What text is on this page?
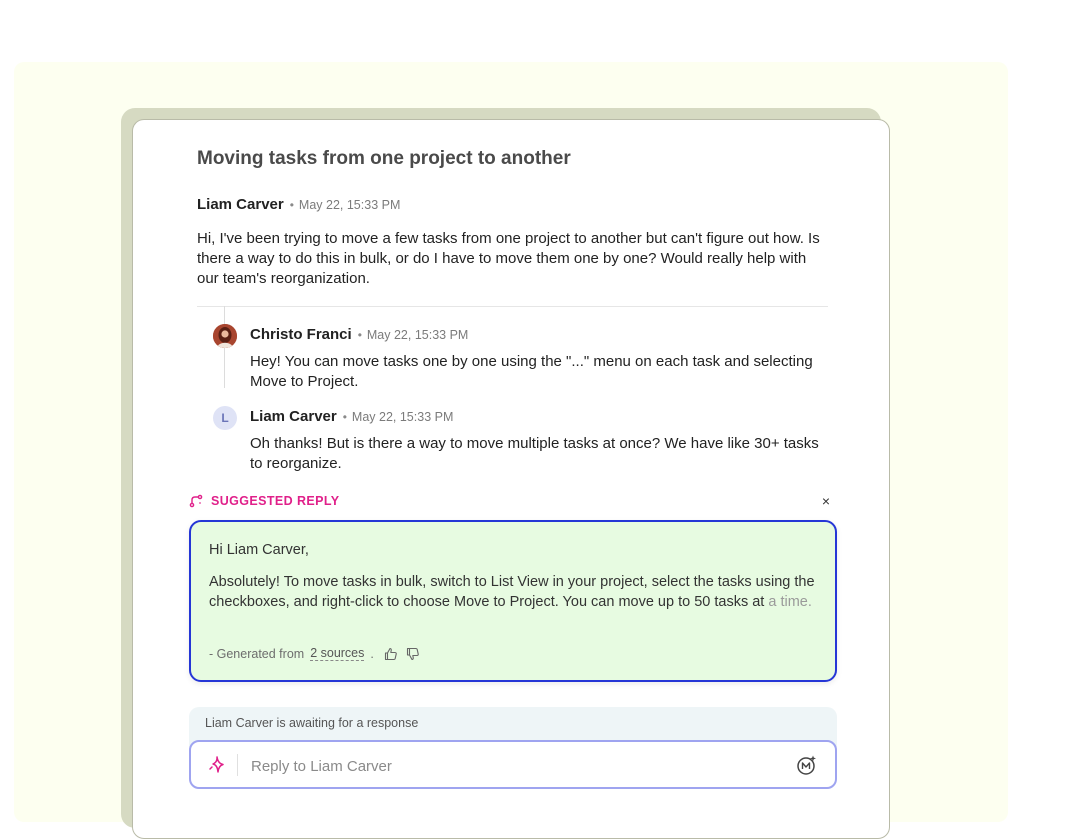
Moving tasks from one project to another
Liam Carver • May 22, 15:33 PM

Hi, I've been trying to move a few tasks from one project to another but can't figure out how. Is there a way to do this in bulk, or do I have to move them one by one? Would really help with our team's reorganization.

Christo Franci • May 22, 15:33 PM

Hey! You can move tasks one by one using the "..." menu on each task and selecting Move to Project.

L	Liam Carver • May 22, 15:33 PM

Oh thanks! But is there a way to move multiple tasks at once? We have like 30+ tasks to reorganize.

SUGGESTED REPLY	×

Hi Liam Carver,

Absolutely! To move tasks in bulk, switch to List View in your project, select the tasks using the checkboxes, and right-click to choose Move to Project. You can move up to 50 tasks at a time.

- Generated from 2 sources .
Liam Carver is awaiting for a response
Reply to Liam Carver
